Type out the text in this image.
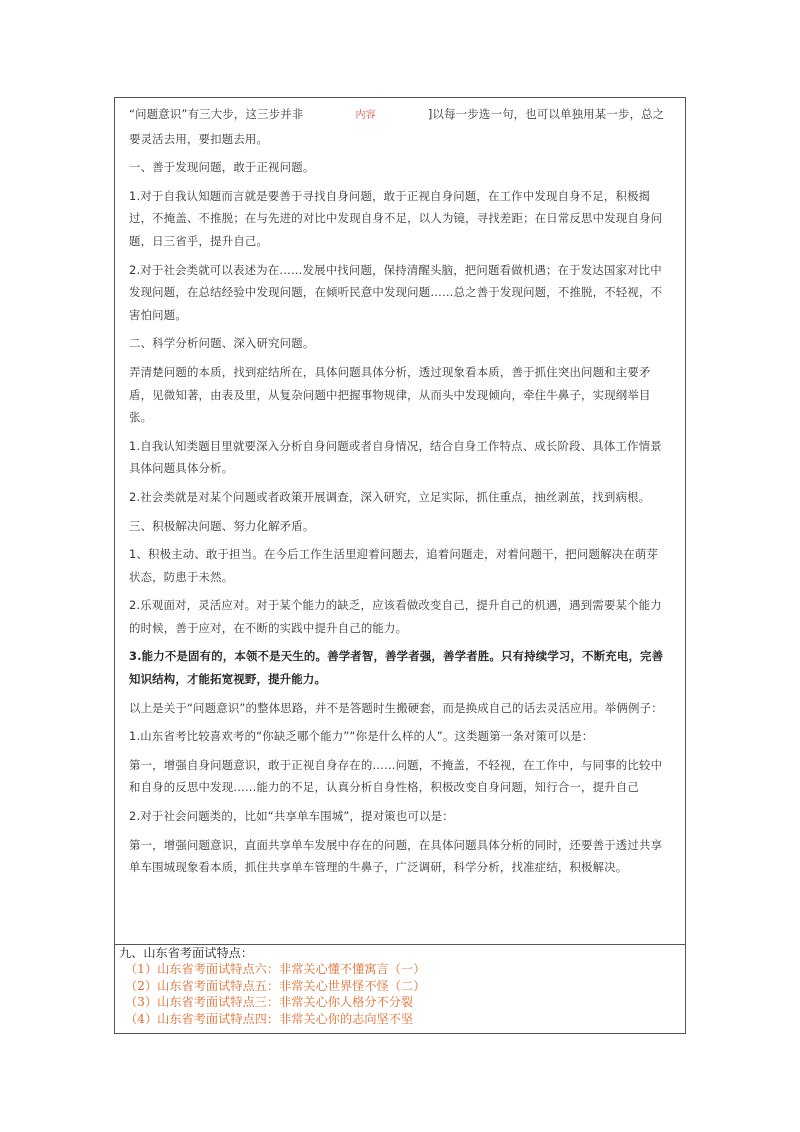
“问题意识”有三大步，这三步并非	内容	]以每一步选一句，也可以单独用某一步，总之要灵活去用，要扣题去用。

一、善于发现问题，敢于正视问题。

1.对于自我认知题而言就是要善于寻找自身问题，敢于正视自身问题，在工作中发现自身不足，积极揭过，不掩盖、不推脱；在与先进的对比中发现自身不足，以人为镜，寻找差距；在日常反思中发现自身问题，日三省乎，提升自己。

2.对于社会类就可以表述为在……发展中找问题，保持清醒头脑，把问题看做机遇；在于发达国家对比中发现问题，在总结经验中发现问题，在倾听民意中发现问题……总之善于发现问题，不推脱，不轻视，不害怕问题。

二、科学分析问题、深入研究问题。

弄清楚问题的本质，找到症结所在，具体问题具体分析，透过现象看本质，善于抓住突出问题和主要矛盾，见微知著，由表及里，从复杂问题中把握事物规律，从而头中发现倾向，牵住牛鼻子，实现纲举目张。

1.自我认知类题目里就要深入分析自身问题或者自身情况，结合自身工作特点、成长阶段、具体工作情景具体问题具体分析。

2.社会类就是对某个问题或者政策开展调查，深入研究，立足实际，抓住重点，抽丝剥茧，找到病根。

三、积极解决问题、努力化解矛盾。

1、积极主动、敢于担当。在今后工作生活里迎着问题去，追着问题走，对着问题干，把问题解决在萌芽状态，防患于未然。

2.乐观面对，灵活应对。对于某个能力的缺乏，应该看做改变自己，提升自己的机遇，遇到需要某个能力的时候，善于应对，在不断的实践中提升自己的能力。

3.能力不是固有的，本领不是天生的。善学者智，善学者强，善学者胜。只有持续学习，不断充电，完善知识结构，才能拓宽视野，提升能力。

以上是关于“问题意识”的整体思路，并不是答题时生搬硬套，而是换成自己的话去灵活应用。举俩例子：

1.山东省考比较喜欢考的“你缺乏哪个能力”“你是什么样的人”。这类题第一条对策可以是：

第一，增强自身问题意识，敢于正视自身存在的……问题，不掩盖，不轻视，在工作中，与同事的比较中和自身的反思中发现……能力的不足，认真分析自身性格，积极改变自身问题，知行合一，提升自己

2.对于社会问题类的，比如“共享单车围城”，提对策也可以是：

第一，增强问题意识，直面共享单车发展中存在的问题，在具体问题具体分析的同时，还要善于透过共享单车围城现象看本质，抓住共享单车管理的牛鼻子，广泛调研，科学分析，找准症结，积极解决。

九、山东省考面试特点：
（1）山东省考面试特点六：非常关心懂不懂寓言（一）
（2）山东省考面试特点五：非常关心世界怪不怪（二）
（3）山东省考面试特点三：非常关心你人格分不分裂
（4）山东省考面试特点四：非常关心你的志向坚不坚
